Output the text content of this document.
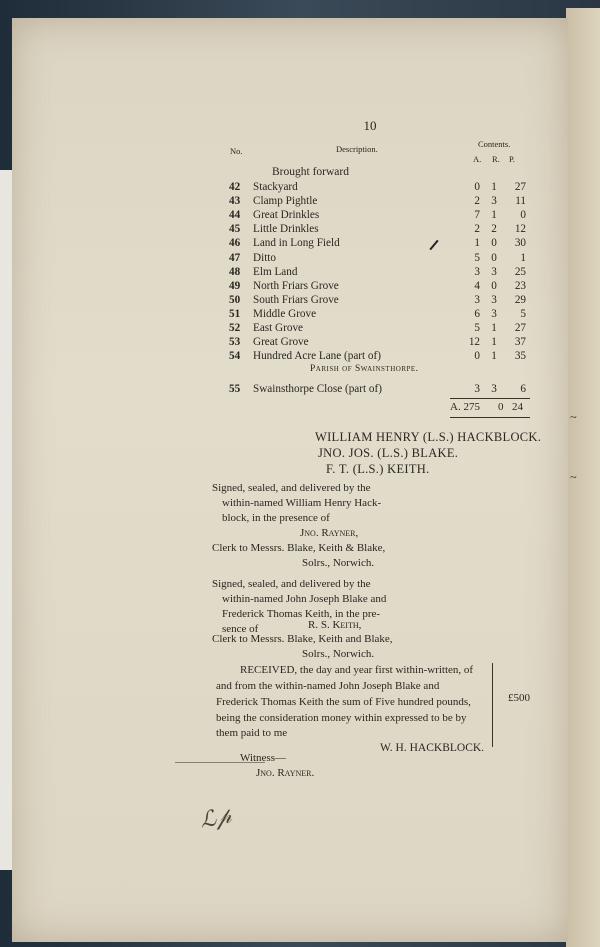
10
No.	Description.	Contents.
A. R. P.
Brought forward
42 Stackyard	0 1	27
43 Clamp Pightle	2 3	11
44 Great Drinkles	7 1	0
45 Little Drinkles	2 2	12
46 Land in Long Field	1 0	30
47 Ditto	5 0	1
48 Elm Land	3 3	25
49 North Friars Grove	4 0	23
50 South Friars Grove	3 3	29
51 Middle Grove	6 3	5
52 East Grove	5 1	27
53 Great Grove	12 1	37
54 Hundred Acre Lane (part of)	0 1	35
Parish of Swainsthorpe.
55 Swainsthorpe Close (part of)	3 3	6
A. 275 0 24
WILLIAM HENRY (L.S.) HACKBLOCK.
JNO. JOS. (L.S.) BLAKE.
F. T. (L.S.) KEITH.
Signed, sealed, and delivered by the
within-named William Henry Hack-
block, in the presence of
Jno. Rayner,
Clerk to Messrs. Blake, Keith & Blake,
Solrs., Norwich.
Signed, sealed, and delivered by the
within-named John Joseph Blake and
Frederick Thomas Keith, in the pre-
sence of	R. S. Keith,
Clerk to Messrs. Blake, Keith and Blake,
Solrs., Norwich.
RECEIVED, the day and year first within-written, of
and from the within-named John Joseph Blake and
Frederick Thomas Keith the sum of Five hundred pounds,
being the consideration money within expressed to be by
them paid to me
£500
W. H. HACKBLOCK.
Witness—
Jno. Rayner.
ℒ𝓅
~
~
